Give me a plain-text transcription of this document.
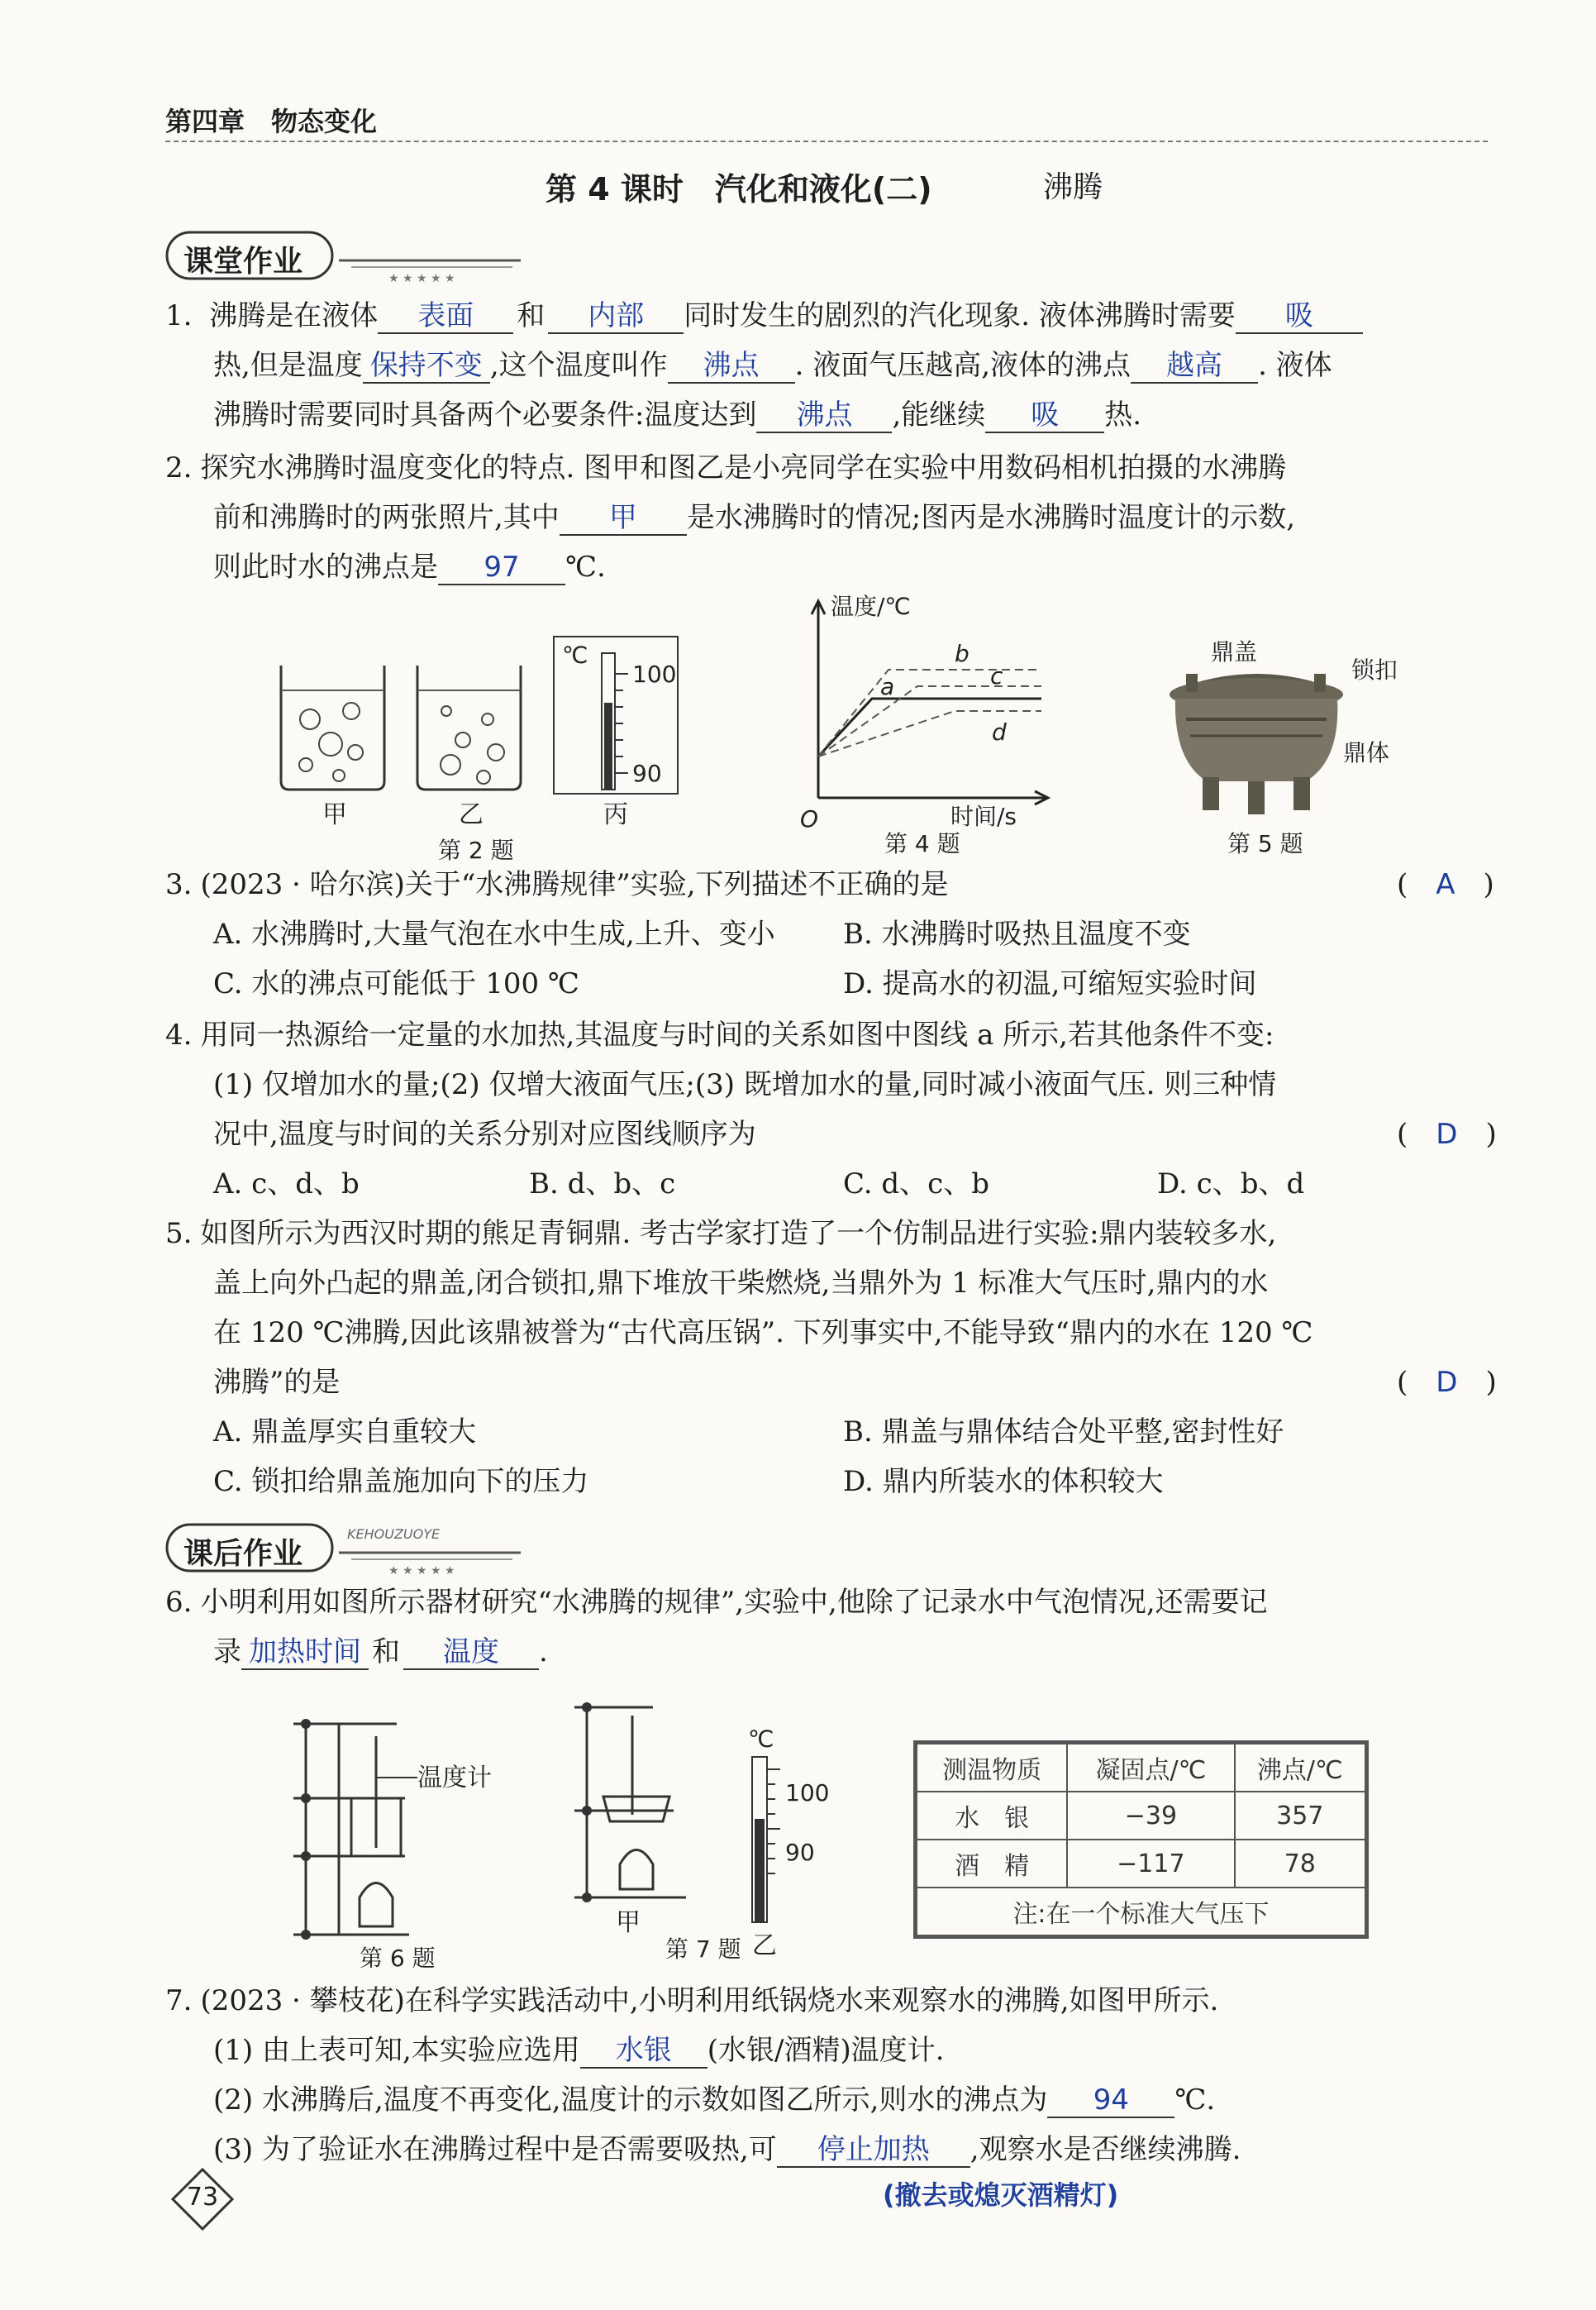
第四章　物态变化
第 4 课时　汽化和液化(二)	沸腾
★ ★ ★ ★ ★
课堂作业
1. 沸腾是在液体 表面 和 内部 同时发生的剧烈的汽化现象. 液体沸腾时需要 吸
热,但是温度 保持不变 ,这个温度叫作 沸点 . 液面气压越高,液体的沸点 越高 . 液体
沸腾时需要同时具备两个必要条件:温度达到 沸点 ,能继续 吸 热.
2. 探究水沸腾时温度变化的特点. 图甲和图乙是小亮同学在实验中用数码相机拍摄的水沸腾
前和沸腾时的两张照片,其中 甲 是水沸腾时的情况;图丙是水沸腾时温度计的示数,
则此时水的沸点是 97 ℃.
℃
100
90
甲	乙	丙
第 2 题
温度/℃
时间/s
O
a
b
c
d
第 4 题
鼎盖
锁扣
鼎体
第 5 题
3. (2023 · 哈尔滨)关于“水沸腾规律”实验,下列描述不正确的是	(　A　)
A. 水沸腾时,大量气泡在水中生成,上升、变小 B. 水沸腾时吸热且温度不变
C. 水的沸点可能低于 100 ℃	D. 提高水的初温,可缩短实验时间
4. 用同一热源给一定量的水加热,其温度与时间的关系如图中图线 a 所示,若其他条件不变:
(1) 仅增加水的量;(2) 仅增大液面气压;(3) 既增加水的量,同时减小液面气压. 则三种情
况中,温度与时间的关系分别对应图线顺序为	(　D　)
A. c、d、b	B. d、b、c	C. d、c、b	D. c、b、d
5. 如图所示为西汉时期的熊足青铜鼎. 考古学家打造了一个仿制品进行实验:鼎内装较多水,
盖上向外凸起的鼎盖,闭合锁扣,鼎下堆放干柴燃烧,当鼎外为 1 标准大气压时,鼎内的水
在 120 ℃沸腾,因此该鼎被誉为“古代高压锅”. 下列事实中,不能导致“鼎内的水在 120 ℃
沸腾”的是	(　D　)
A. 鼎盖厚实自重较大	B. 鼎盖与鼎体结合处平整,密封性好
C. 锁扣给鼎盖施加向下的压力	D. 鼎内所装水的体积较大
★ ★ ★ ★ ★
课后作业
KEHOUZUOYE
6. 小明利用如图所示器材研究“水沸腾的规律”,实验中,他除了记录水中气泡情况,还需要记
录 加热时间 和 温度 .
温度计
第 6 题
甲
第 7 题
℃
100
90
乙
测温物质	凝固点/℃	沸点/℃
水　银	−39	357
酒　精	−117	78
注:在一个标准大气压下		
7. (2023 · 攀枝花)在科学实践活动中,小明利用纸锅烧水来观察水的沸腾,如图甲所示.
(1) 由上表可知,本实验应选用 水银 (水银/酒精)温度计.
(2) 水沸腾后,温度不再变化,温度计的示数如图乙所示,则水的沸点为 94 ℃.
(3) 为了验证水在沸腾过程中是否需要吸热,可 停止加热 ,观察水是否继续沸腾.
(撤去或熄灭酒精灯)
73
